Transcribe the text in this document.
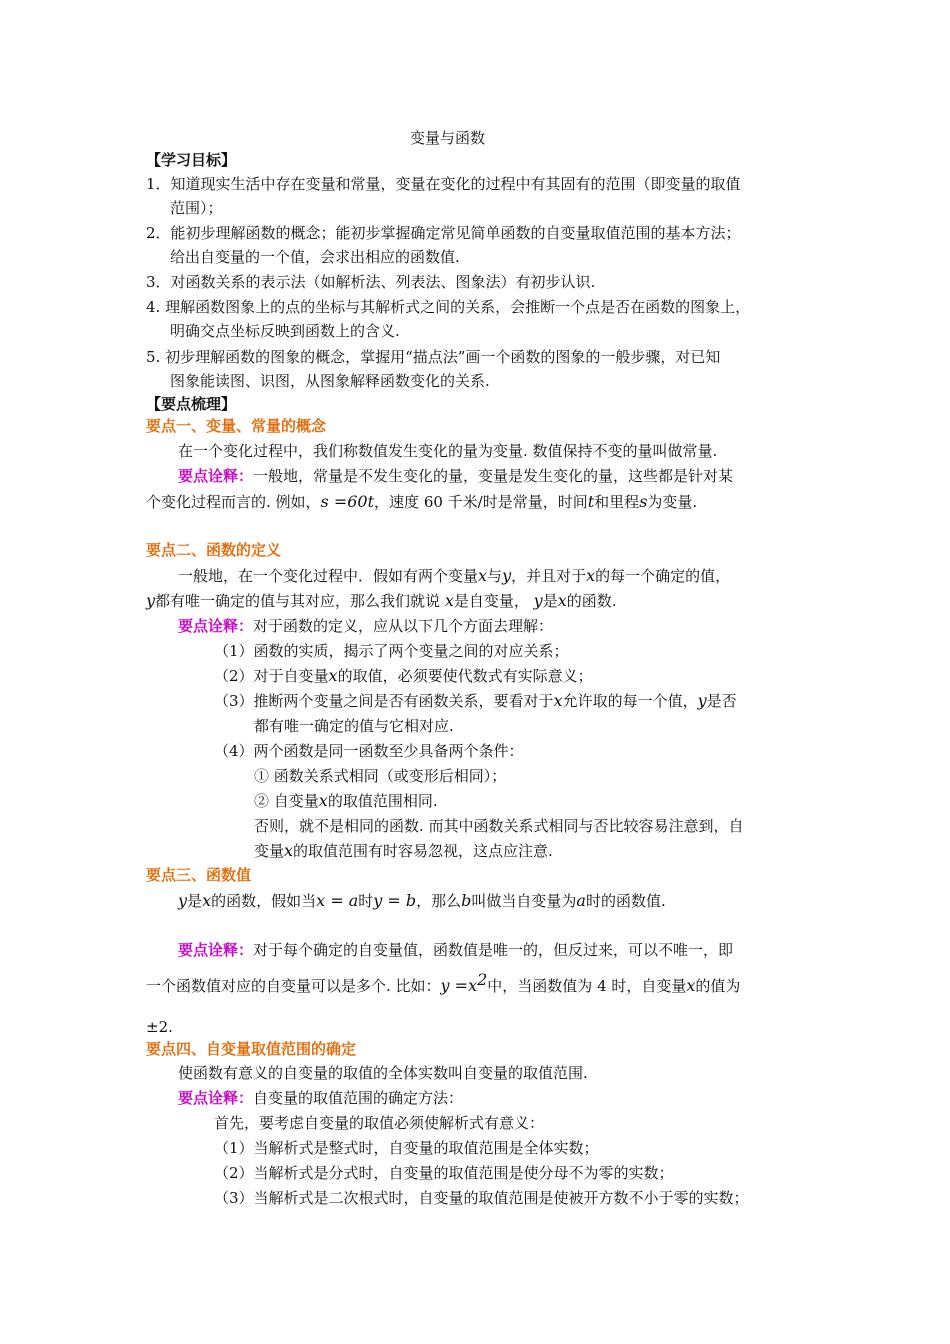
变量与函数
【学习目标】
1．知道现实生活中存在变量和常量，变量在变化的过程中有其固有的范围（即变量的取值
范围）；
2．能初步理解函数的概念；能初步掌握确定常见简单函数的自变量取值范围的基本方法；
给出自变量的一个值，会求出相应的函数值.
3．对函数关系的表示法（如解析法、列表法、图象法）有初步认识.
4. 理解函数图象上的点的坐标与其解析式之间的关系，会推断一个点是否在函数的图象上，
明确交点坐标反映到函数上的含义.
5. 初步理解函数的图象的概念，掌握用“描点法”画一个函数的图象的一般步骤，对已知
图象能读图、识图，从图象解释函数变化的关系.
【要点梳理】
要点一、变量、常量的概念
在一个变化过程中，我们称数值发生变化的量为变量. 数值保持不变的量叫做常量.
要点诠释：一般地，常量是不发生变化的量，变量是发生变化的量，这些都是针对某
个变化过程而言的. 例如，s =60t，速度 60 千米/时是常量，时间t和里程s为变量.
要点二、函数的定义
一般地，在一个变化过程中．假如有两个变量x与y，并且对于x的每一个确定的值，
y都有唯一确定的值与其对应，那么我们就说 x是自变量， y是x的函数.
要点诠释：对于函数的定义，应从以下几个方面去理解：
（1）函数的实质，揭示了两个变量之间的对应关系；
（2）对于自变量x的取值，必须要使代数式有实际意义；
（3）推断两个变量之间是否有函数关系，要看对于x允许取的每一个值，y是否
都有唯一确定的值与它相对应.
（4）两个函数是同一函数至少具备两个条件：
① 函数关系式相同（或变形后相同）；
② 自变量x的取值范围相同.
否则，就不是相同的函数. 而其中函数关系式相同与否比较容易注意到，自
变量x的取值范围有时容易忽视，这点应注意.
要点三、函数值
y是x的函数，假如当x = a时y = b，那么b叫做当自变量为a时的函数值.
要点诠释：对于每个确定的自变量值，函数值是唯一的，但反过来，可以不唯一，即
一个函数值对应的自变量可以是多个. 比如：$y =x^2$中，当函数值为 4 时，自变量x的值为
±2.
要点四、自变量取值范围的确定
使函数有意义的自变量的取值的全体实数叫自变量的取值范围.
要点诠释：自变量的取值范围的确定方法：
首先，要考虑自变量的取值必须使解析式有意义：
（1）当解析式是整式时，自变量的取值范围是全体实数；
（2）当解析式是分式时，自变量的取值范围是使分母不为零的实数；
（3）当解析式是二次根式时，自变量的取值范围是使被开方数不小于零的实数；
